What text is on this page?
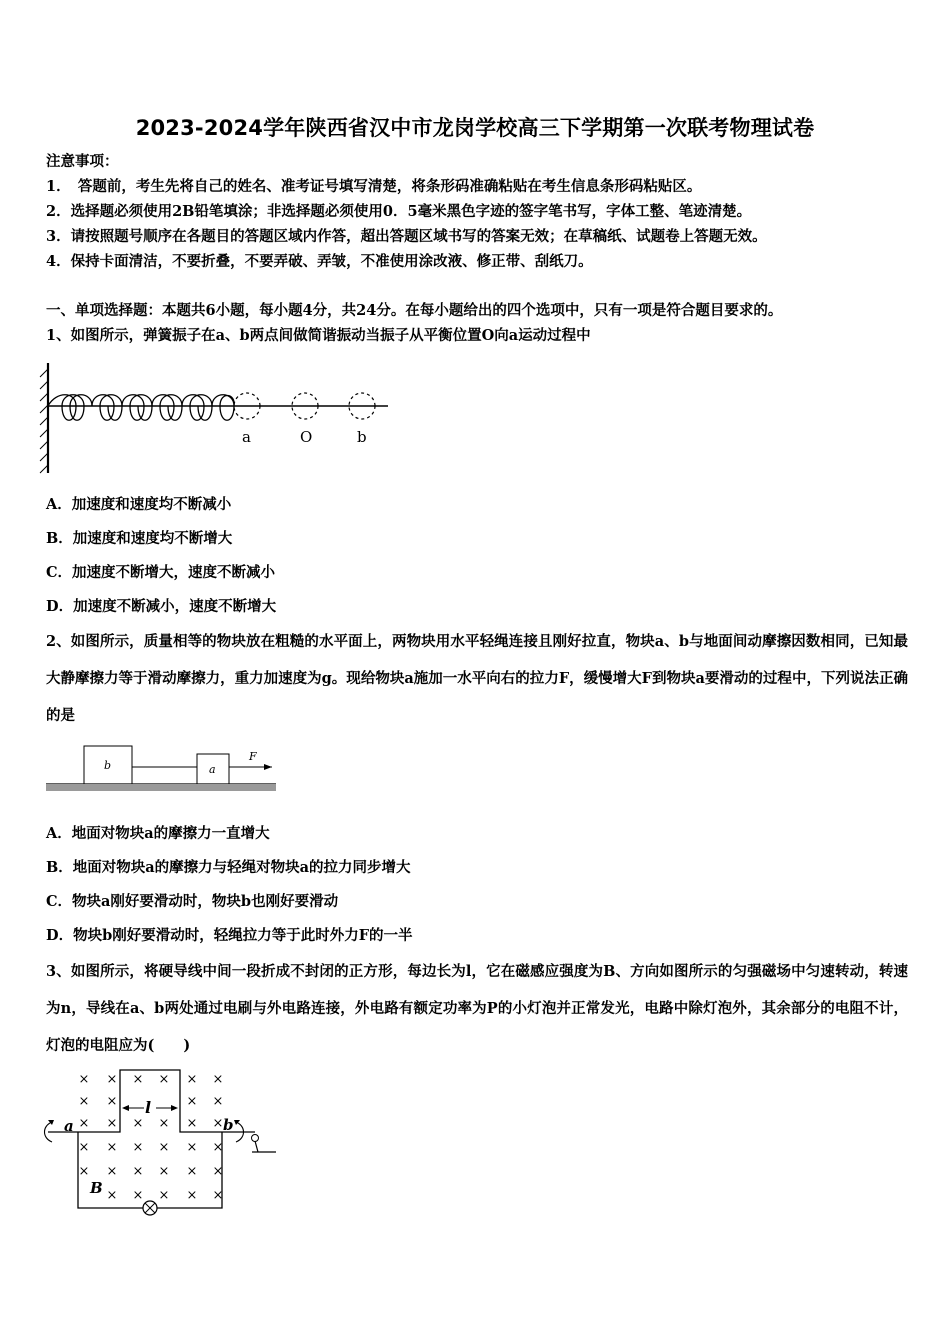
2023-2024学年陕西省汉中市龙岗学校高三下学期第一次联考物理试卷
注意事项：
1．　答题前，考生先将自己的姓名、准考证号填写清楚，将条形码准确粘贴在考生信息条形码粘贴区。
2．选择题必须使用2B铅笔填涂；非选择题必须使用0．5毫米黑色字迹的签字笔书写，字体工整、笔迹清楚。
3．请按照题号顺序在各题目的答题区域内作答，超出答题区域书写的答案无效；在草稿纸、试题卷上答题无效。
4．保持卡面清洁，不要折叠，不要弄破、弄皱，不准使用涂改液、修正带、刮纸刀。
一、单项选择题：本题共6小题，每小题4分，共24分。在每小题给出的四个选项中，只有一项是符合题目要求的。
1、如图所示，弹簧振子在a、b两点间做简谐振动当振子从平衡位置O向a运动过程中
a	O	b
A．加速度和速度均不断减小
B．加速度和速度均不断增大
C．加速度不断增大，速度不断减小
D．加速度不断减小，速度不断增大
2、如图所示，质量相等的物块放在粗糙的水平面上，两物块用水平轻绳连接且刚好拉直，物块a、b与地面间动摩擦因数相同，已知最大静摩擦力等于滑动摩擦力，重力加速度为g。现给物块a施加一水平向右的拉力F，缓慢增大F到物块a要滑动的过程中，下列说法正确的是
b	a
F
A．地面对物块a的摩擦力一直增大
B．地面对物块a的摩擦力与轻绳对物块a的拉力同步增大
C．物块a刚好要滑动时，物块b也刚好要滑动
D．物块b刚好要滑动时，轻绳拉力等于此时外力F的一半
3、如图所示，将硬导线中间一段折成不封闭的正方形，每边长为l，它在磁感应强度为B、方向如图所示的匀强磁场中匀速转动，转速为n，导线在a、b两处通过电刷与外电路连接，外电路有额定功率为P的小灯泡并正常发光，电路中除灯泡外，其余部分的电阻不计，灯泡的电阻应为(　　)
× × × × × ×
× ×	× ×
× × × × × ×
× × × × × ×
× × × × × ×
× × × × ×
l
a	b
B
